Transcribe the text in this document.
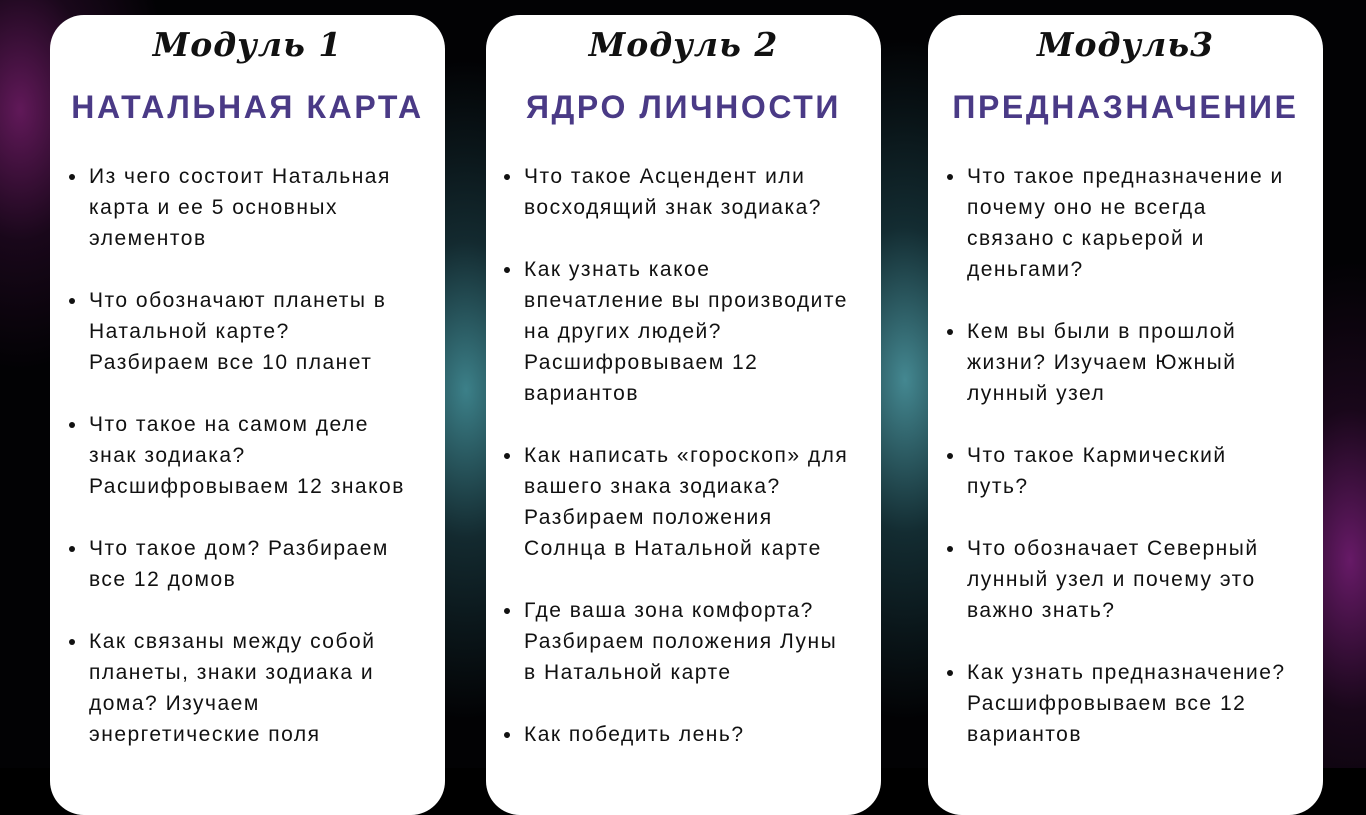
Модуль 1
НАТАЛЬНАЯ КАРТА
Из чего состоит Натальная
карта и ее 5 основных
элементов
Что обозначают планеты в
Натальной карте?
Разбираем все 10 планет
Что такое на самом деле
знак зодиака?
Расшифровываем 12 знаков
Что такое дом? Разбираем
все 12 домов
Как связаны между собой
планеты, знаки зодиака и
дома? Изучаем
энергетические поля
Модуль 2
ЯДРО ЛИЧНОСТИ
Что такое Асцендент или
восходящий знак зодиака?
Как узнать какое
впечатление вы производите
на других людей?
Расшифровываем 12
вариантов
Как написать «гороскоп» для
вашего знака зодиака?
Разбираем положения
Солнца в Натальной карте
Где ваша зона комфорта?
Разбираем положения Луны
в Натальной карте
Как победить лень?
Модуль3
ПРЕДНАЗНАЧЕНИЕ
Что такое предназначение и
почему оно не всегда
связано с карьерой и
деньгами?
Кем вы были в прошлой
жизни? Изучаем Южный
лунный узел
Что такое Кармический
путь?
Что обозначает Северный
лунный узел и почему это
важно знать?
Как узнать предназначение?
Расшифровываем все 12
вариантов
